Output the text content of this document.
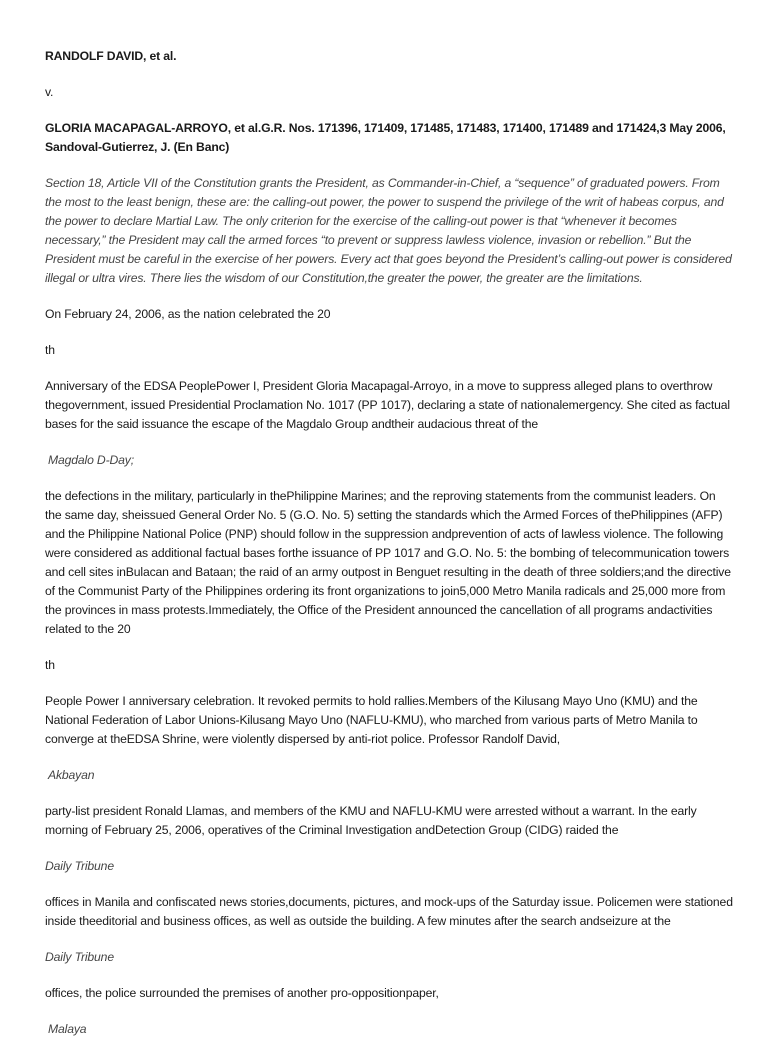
RANDOLF DAVID, et al.

v.

GLORIA MACAPAGAL-ARROYO, et al.G.R. Nos. 171396, 171409, 171485, 171483, 171400, 171489 and 171424,3 May 2006, Sandoval-Gutierrez, J. (En Banc)

Section 18, Article VII of the Constitution grants the President, as Commander-in-Chief, a “sequence” of graduated powers. From the most to the least benign, these are: the calling-out power, the power to suspend the privilege of the writ of habeas corpus, and the power to declare Martial Law. The only criterion for the exercise of the calling-out power is that “whenever it becomes necessary,” the President may call the armed forces “to prevent or suppress lawless violence, invasion or rebellion.” But the President must be careful in the exercise of her powers. Every act that goes beyond the President’s calling-out power is considered illegal or ultra vires. There lies the wisdom of our Constitution,the greater the power, the greater are the limitations.

On February 24, 2006, as the nation celebrated the 20

th

Anniversary of the EDSA PeoplePower I, President Gloria Macapagal-Arroyo, in a move to suppress alleged plans to overthrow thegovernment, issued Presidential Proclamation No. 1017 (PP 1017), declaring a state of nationalemergency. She cited as factual bases for the said issuance the escape of the Magdalo Group andtheir audacious threat of the

Magdalo D-Day;

the defections in the military, particularly in thePhilippine Marines; and the reproving statements from the communist leaders. On the same day, sheissued General Order No. 5 (G.O. No. 5) setting the standards which the Armed Forces of thePhilippines (AFP) and the Philippine National Police (PNP) should follow in the suppression andprevention of acts of lawless violence. The following were considered as additional factual bases forthe issuance of PP 1017 and G.O. No. 5: the bombing of telecommunication towers and cell sites inBulacan and Bataan; the raid of an army outpost in Benguet resulting in the death of three soldiers;and the directive of the Communist Party of the Philippines ordering its front organizations to join5,000 Metro Manila radicals and 25,000 more from the provinces in mass protests.Immediately, the Office of the President announced the cancellation of all programs andactivities related to the 20

th

People Power I anniversary celebration. It revoked permits to hold rallies.Members of the Kilusang Mayo Uno (KMU) and the National Federation of Labor Unions-Kilusang Mayo Uno (NAFLU-KMU), who marched from various parts of Metro Manila to converge at theEDSA Shrine, were violently dispersed by anti-riot police. Professor Randolf David,

Akbayan

party-list president Ronald Llamas, and members of the KMU and NAFLU-KMU were arrested without a warrant. In the early morning of February 25, 2006, operatives of the Criminal Investigation andDetection Group (CIDG) raided the

Daily Tribune

offices in Manila and confiscated news stories,documents, pictures, and mock-ups of the Saturday issue. Policemen were stationed inside theeditorial and business offices, as well as outside the building. A few minutes after the search andseizure at the

Daily Tribune

offices, the police surrounded the premises of another pro-oppositionpaper,

Malaya
